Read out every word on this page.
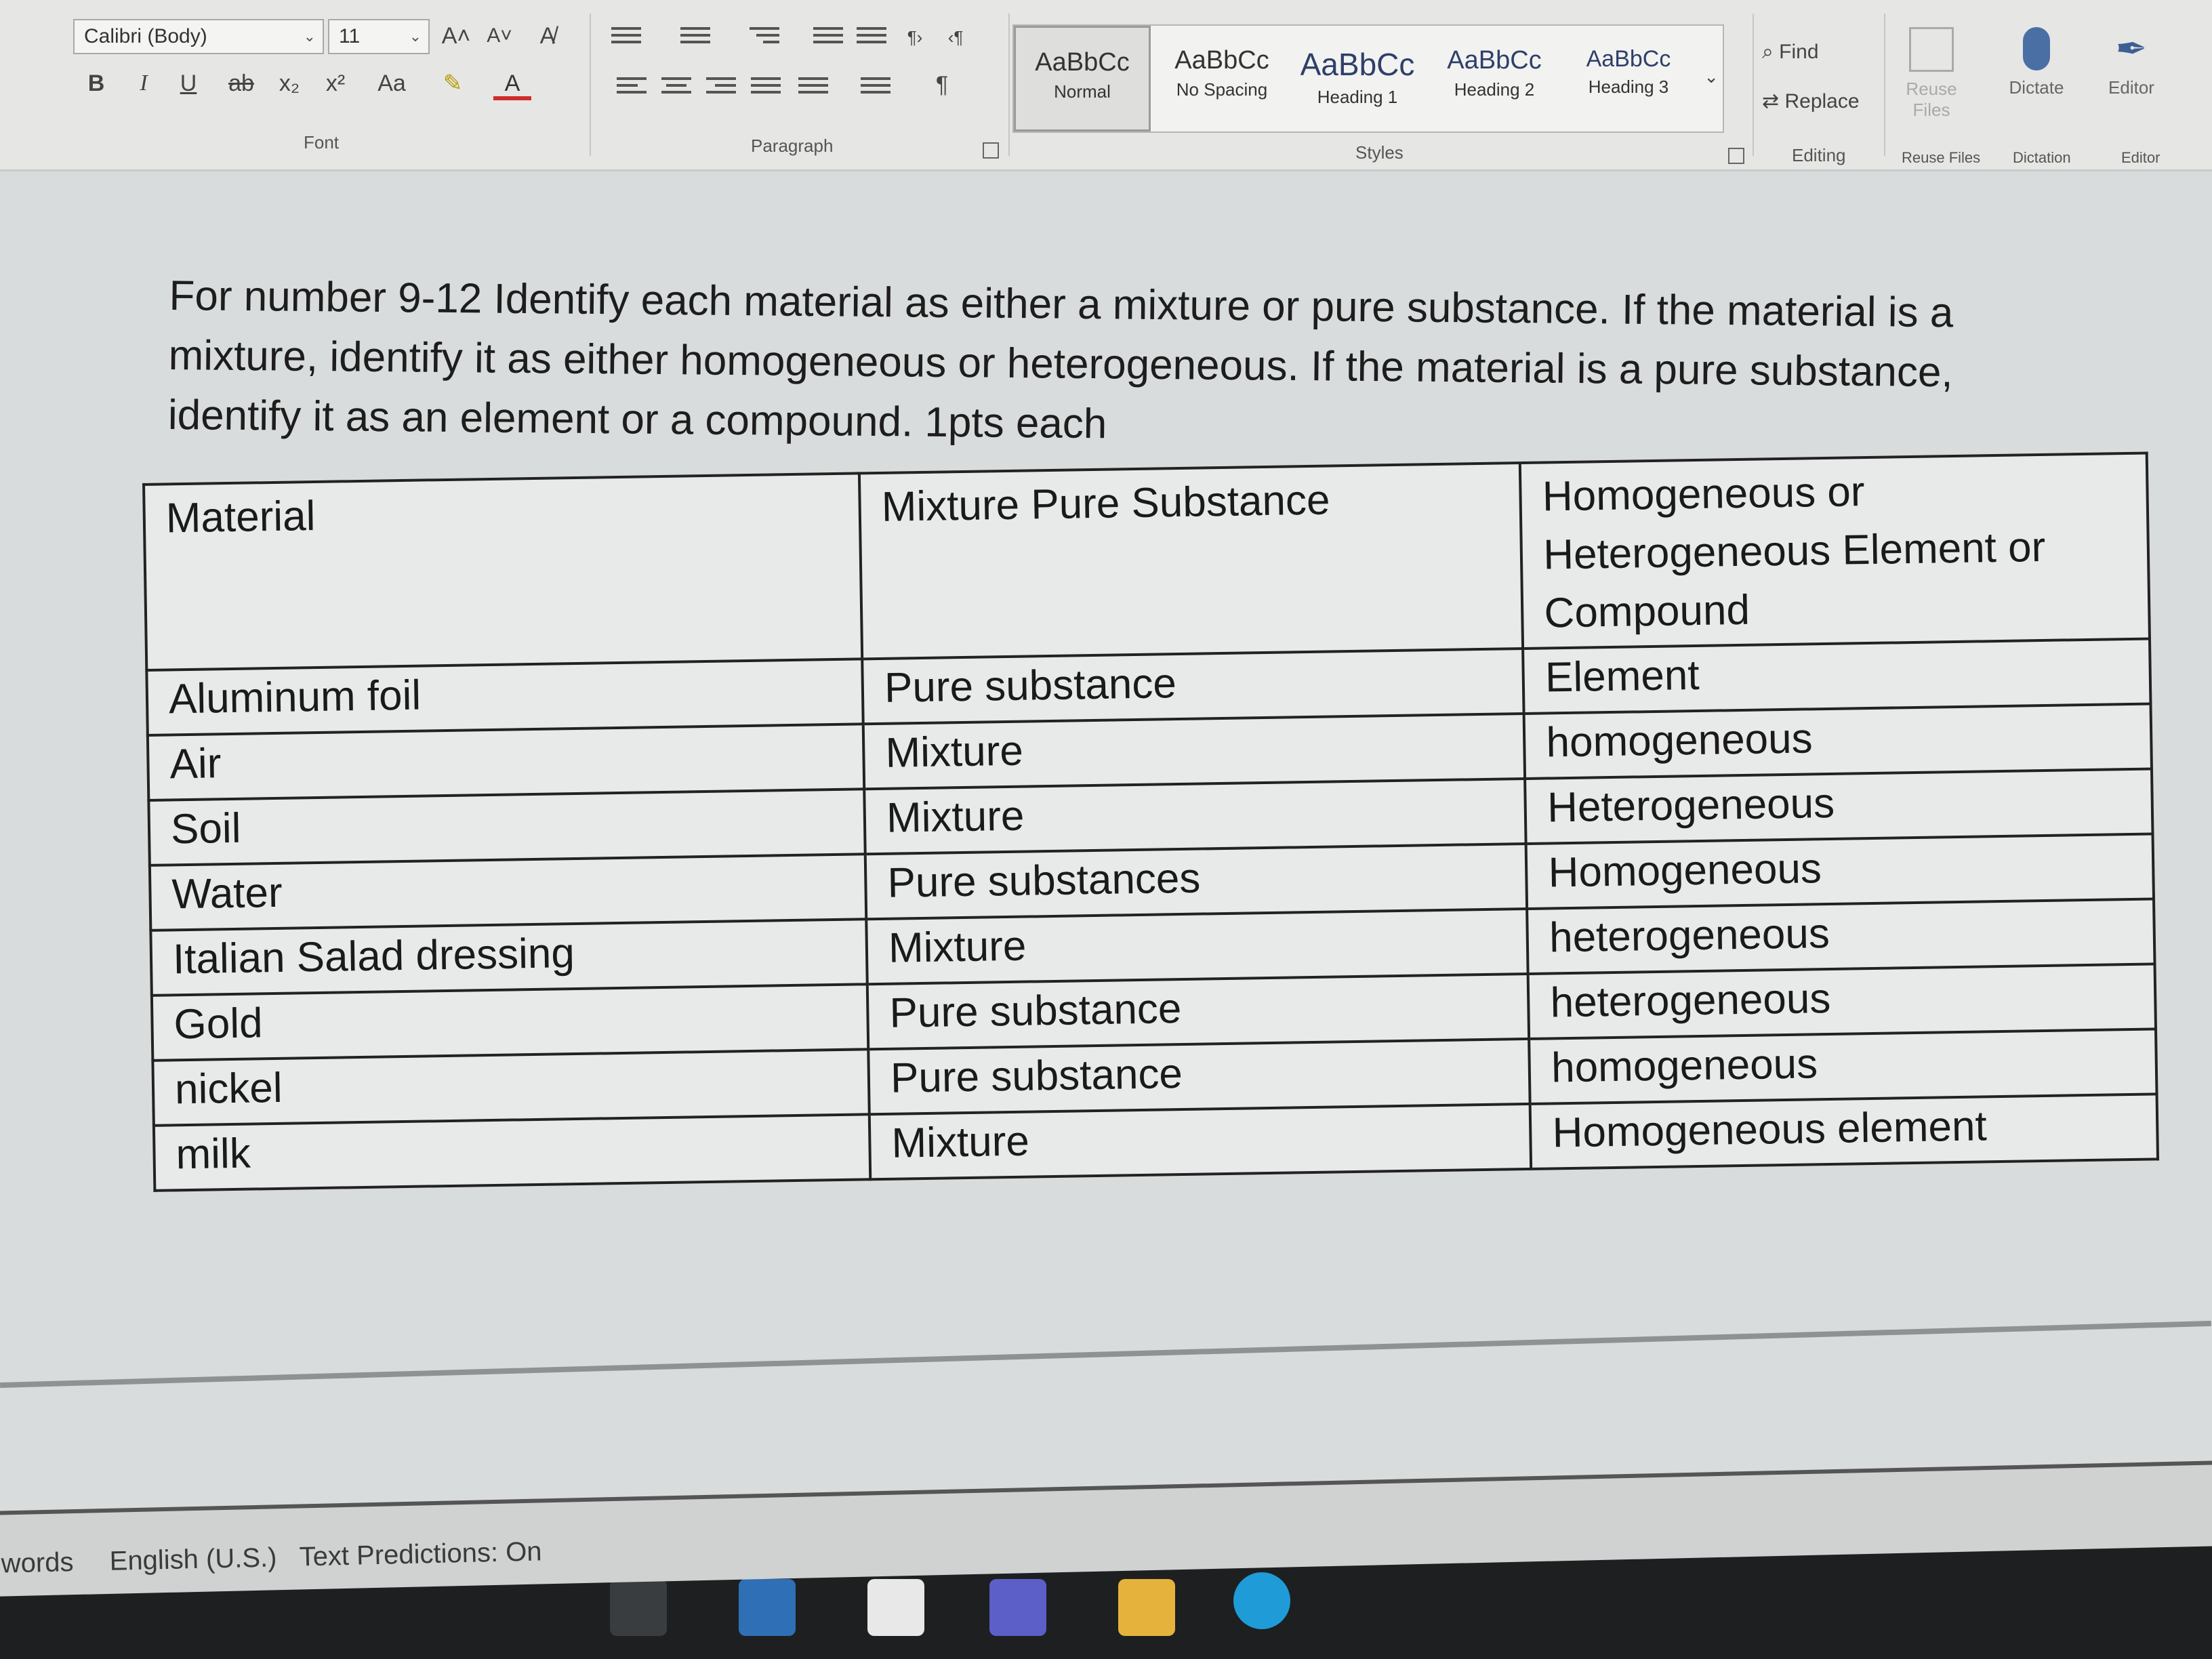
Calibri (Body)	⌄	11	⌄ A˄ A˅	A̸
B	I	U	ab	x₂	x²	Aa	✎	A
Font
¶›	‹¶
¶
Paragraph
AaBbCc
Normal
AaBbCc
No Spacing
AaBbCc
Heading 1
AaBbCc
Heading 2
AaBbCc
Heading 3	⌄
Styles
⌕ Find
⇄ Replace
Editing
Reuse Files
Reuse Files
Dictate
Dictation
✒
Editor
Editor
For number 9-12 Identify each material as either a mixture or pure substance. If the material is a mixture, identify it as either homogeneous or heterogeneous. If the material is a pure substance, identify it as an element or a compound. 1pts each
Material	Mixture Pure Substance	Homogeneous or Heterogeneous Element or Compound
Aluminum foil	Pure substance	Element
Air	Mixture	homogeneous
Soil	Mixture	Heterogeneous
Water	Pure substances	Homogeneous
Italian Salad dressing	Mixture	heterogeneous
Gold	Pure substance	heterogeneous
nickel	Pure substance	homogeneous
milk	Mixture	Homogeneous element
words English (U.S.) Text Predictions: On
